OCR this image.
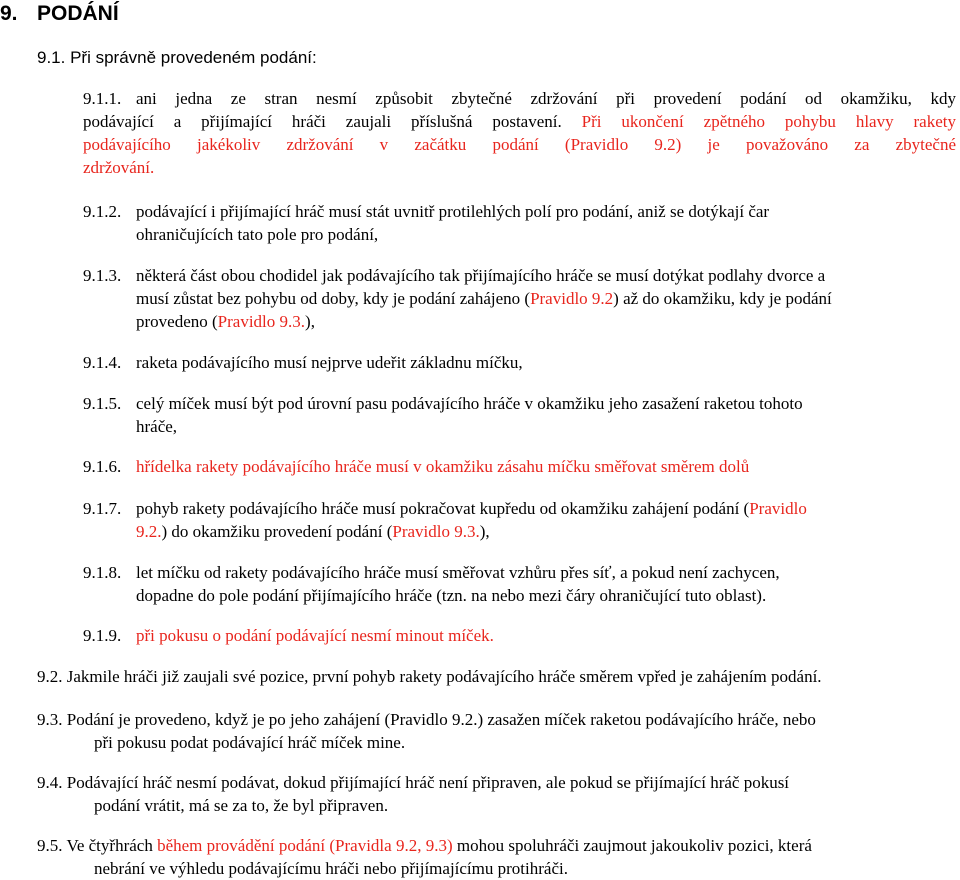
9. PODÁNÍ
9.1. Při správně provedeném podání:
9.1.1. ani jedna ze stran nesmí způsobit zbytečné zdržování při provedení podání od okamžiku, kdy
podávající a přijímající hráči zaujali příslušná postavení. Při ukončení zpětného pohybu hlavy rakety
podávajícího jakékoliv zdržování v začátku podání (Pravidlo 9.2) je považováno za zbytečné
zdržování.
9.1.2. podávající i přijímající hráč musí stát uvnitř protilehlých polí pro podání, aniž se dotýkají čar
ohraničujících tato pole pro podání,
9.1.3. některá část obou chodidel jak podávajícího tak přijímajícího hráče se musí dotýkat podlahy dvorce a
musí zůstat bez pohybu od doby, kdy je podání zahájeno (Pravidlo 9.2) až do okamžiku, kdy je podání
provedeno (Pravidlo 9.3.),
9.1.4. raketa podávajícího musí nejprve udeřit základnu míčku,
9.1.5. celý míček musí být pod úrovní pasu podávajícího hráče v okamžiku jeho zasažení raketou tohoto
hráče,
9.1.6. hřídelka rakety podávajícího hráče musí v okamžiku zásahu míčku směřovat směrem dolů
9.1.7. pohyb rakety podávajícího hráče musí pokračovat kupředu od okamžiku zahájení podání (Pravidlo
9.2.) do okamžiku provedení podání (Pravidlo 9.3.),
9.1.8. let míčku od rakety podávajícího hráče musí směřovat vzhůru přes síť, a pokud není zachycen,
dopadne do pole podání přijímajícího hráče (tzn. na nebo mezi čáry ohraničující tuto oblast).
9.1.9. při pokusu o podání podávající nesmí minout míček.
9.2. Jakmile hráči již zaujali své pozice, první pohyb rakety podávajícího hráče směrem vpřed je zahájením podání.
9.3. Podání je provedeno, když je po jeho zahájení (Pravidlo 9.2.) zasažen míček raketou podávajícího hráče, nebo
při pokusu podat podávající hráč míček mine.
9.4. Podávající hráč nesmí podávat, dokud přijímající hráč není připraven, ale pokud se přijímající hráč pokusí
podání vrátit, má se za to, že byl připraven.
9.5. Ve čtyřhrách během provádění podání (Pravidla 9.2, 9.3) mohou spoluhráči zaujmout jakoukoliv pozici, která
nebrání ve výhledu podávajícímu hráči nebo přijímajícímu protihráči.
